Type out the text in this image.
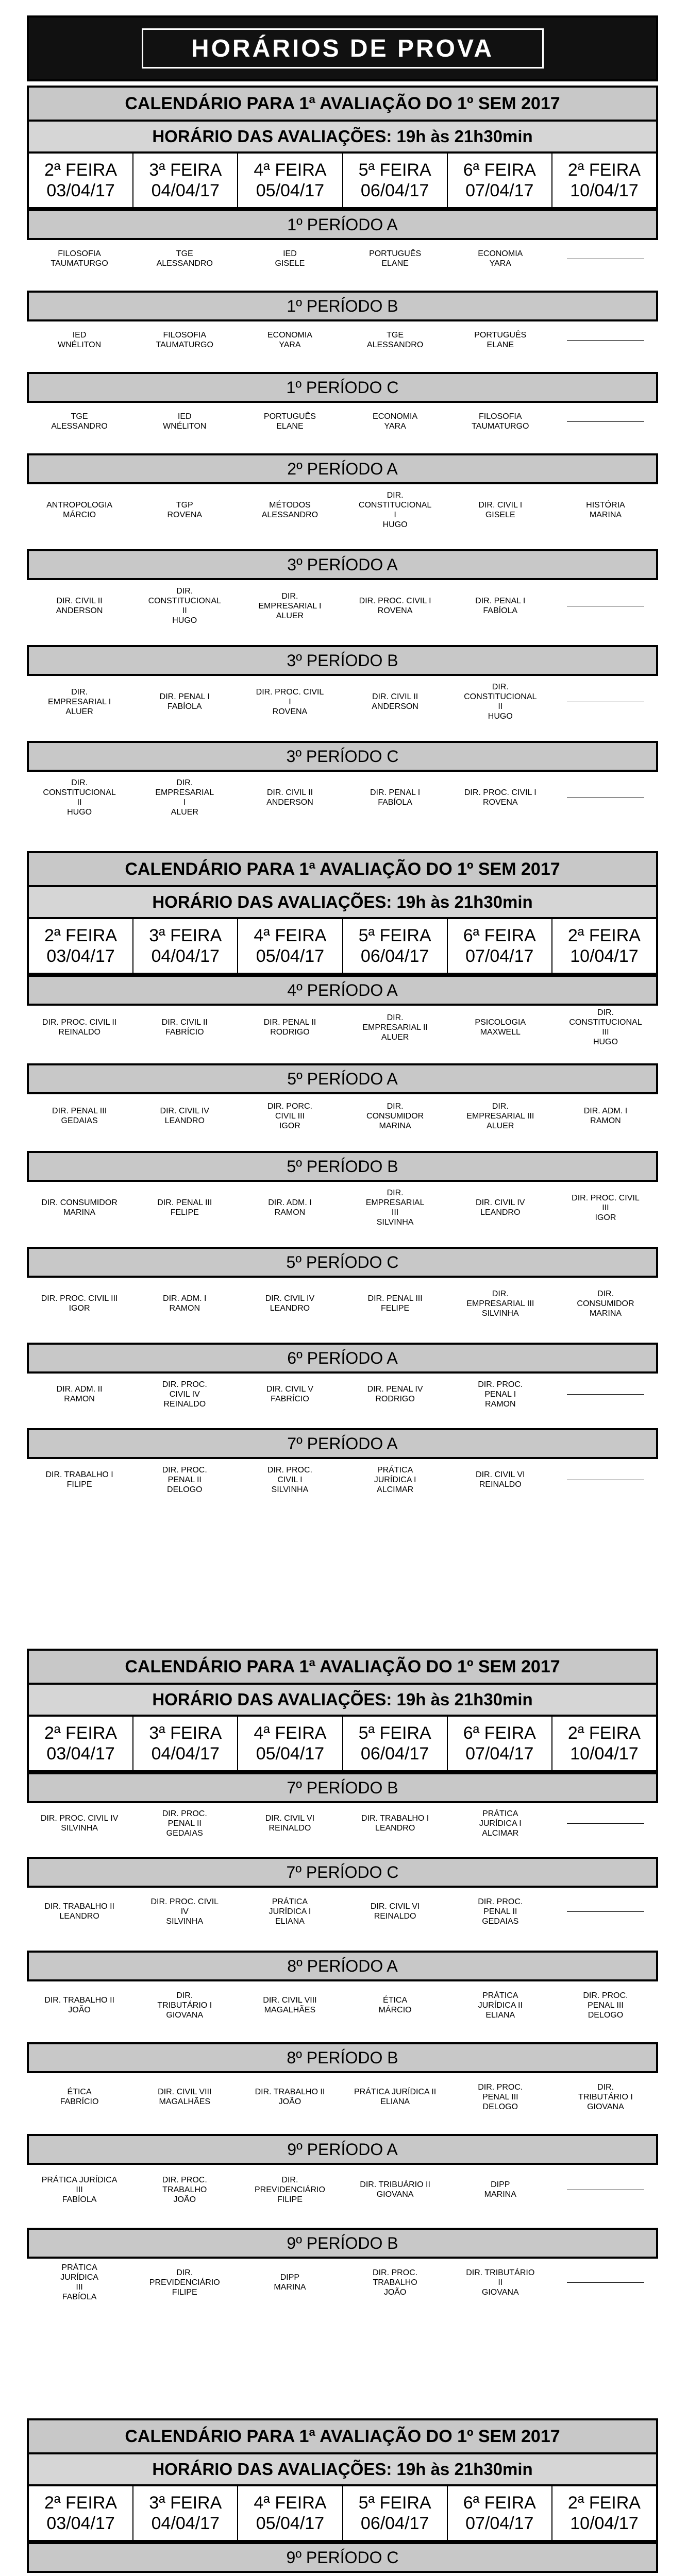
HORÁRIOS DE PROVA
CALENDÁRIO PARA 1ª AVALIAÇÃO DO 1º SEM 2017
HORÁRIO DAS AVALIAÇÕES: 19h às 21h30min
2ª FEIRA
03/04/17
3ª FEIRA
04/04/17
4ª FEIRA
05/04/17
5ª FEIRA
06/04/17
6ª FEIRA
07/04/17
2ª FEIRA
10/04/17
1º PERÍODO A
FILOSOFIA
TAUMATURGO
TGE
ALESSANDRO
IED
GISELE
PORTUGUÊS
ELANE
ECONOMIA
YARA
1º PERÍODO B
IED
WNÉLITON
FILOSOFIA
TAUMATURGO
ECONOMIA
YARA
TGE
ALESSANDRO
PORTUGUÊS
ELANE
1º PERÍODO C
TGE
ALESSANDRO
IED
WNÉLITON
PORTUGUÊS
ELANE
ECONOMIA
YARA
FILOSOFIA
TAUMATURGO
2º PERÍODO A
ANTROPOLOGIA
MÁRCIO
TGP
ROVENA
MÉTODOS
ALESSANDRO
DIR.
CONSTITUCIONAL
I
HUGO
DIR. CIVIL I
GISELE
HISTÓRIA
MARINA
3º PERÍODO A
DIR. CIVIL II
ANDERSON
DIR.
CONSTITUCIONAL
II
HUGO
DIR.
EMPRESARIAL I
ALUER
DIR. PROC. CIVIL I
ROVENA
DIR. PENAL I
FABÍOLA
3º PERÍODO B
DIR.
EMPRESARIAL I
ALUER
DIR. PENAL I
FABÍOLA
DIR. PROC. CIVIL
I
ROVENA
DIR. CIVIL II
ANDERSON
DIR.
CONSTITUCIONAL
II
HUGO
3º PERÍODO C
DIR.
CONSTITUCIONAL
II
HUGO
DIR.
EMPRESARIAL
I
ALUER
DIR. CIVIL II
ANDERSON
DIR. PENAL I
FABÍOLA
DIR. PROC. CIVIL I
ROVENA
CALENDÁRIO PARA 1ª AVALIAÇÃO DO 1º SEM 2017
HORÁRIO DAS AVALIAÇÕES: 19h às 21h30min
2ª FEIRA
03/04/17
3ª FEIRA
04/04/17
4ª FEIRA
05/04/17
5ª FEIRA
06/04/17
6ª FEIRA
07/04/17
2ª FEIRA
10/04/17
4º PERÍODO A
DIR. PROC. CIVIL II
REINALDO
DIR. CIVIL II
FABRÍCIO
DIR. PENAL II
RODRIGO
DIR.
EMPRESARIAL II
ALUER
PSICOLOGIA
MAXWELL
DIR.
CONSTITUCIONAL
III
HUGO
5º PERÍODO A
DIR. PENAL III
GEDAIAS
DIR. CIVIL IV
LEANDRO
DIR. PORC.
CIVIL III
IGOR
DIR.
CONSUMIDOR
MARINA
DIR.
EMPRESARIAL III
ALUER
DIR. ADM. I
RAMON
5º PERÍODO B
DIR. CONSUMIDOR
MARINA
DIR. PENAL III
FELIPE
DIR. ADM. I
RAMON
DIR.
EMPRESARIAL
III
SILVINHA
DIR. CIVIL IV
LEANDRO
DIR. PROC. CIVIL
III
IGOR
5º PERÍODO C
DIR. PROC. CIVIL III
IGOR
DIR. ADM. I
RAMON
DIR. CIVIL IV
LEANDRO
DIR. PENAL III
FELIPE
DIR.
EMPRESARIAL III
SILVINHA
DIR.
CONSUMIDOR
MARINA
6º PERÍODO A
DIR. ADM. II
RAMON
DIR. PROC.
CIVIL IV
REINALDO
DIR. CIVIL V
FABRÍCIO
DIR. PENAL IV
RODRIGO
DIR. PROC.
PENAL I
RAMON
7º PERÍODO A
DIR. TRABALHO I
FILIPE
DIR. PROC.
PENAL II
DELOGO
DIR. PROC.
CIVIL I
SILVINHA
PRÁTICA
JURÍDICA I
ALCIMAR
DIR. CIVIL VI
REINALDO
CALENDÁRIO PARA 1ª AVALIAÇÃO DO 1º SEM 2017
HORÁRIO DAS AVALIAÇÕES: 19h às 21h30min
2ª FEIRA
03/04/17
3ª FEIRA
04/04/17
4ª FEIRA
05/04/17
5ª FEIRA
06/04/17
6ª FEIRA
07/04/17
2ª FEIRA
10/04/17
7º PERÍODO B
DIR. PROC. CIVIL IV
SILVINHA
DIR. PROC.
PENAL II
GEDAIAS
DIR. CIVIL VI
REINALDO
DIR. TRABALHO I
LEANDRO
PRÁTICA
JURÍDICA I
ALCIMAR
7º PERÍODO C
DIR. TRABALHO II
LEANDRO
DIR. PROC. CIVIL
IV
SILVINHA
PRÁTICA
JURÍDICA I
ELIANA
DIR. CIVIL VI
REINALDO
DIR. PROC.
PENAL II
GEDAIAS
8º PERÍODO A
DIR. TRABALHO II
JOÃO
DIR.
TRIBUTÁRIO I
GIOVANA
DIR. CIVIL VIII
MAGALHÃES
ÉTICA
MÁRCIO
PRÁTICA
JURÍDICA II
ELIANA
DIR. PROC.
PENAL III
DELOGO
8º PERÍODO B
ÉTICA
FABRÍCIO
DIR. CIVIL VIII
MAGALHÃES
DIR. TRABALHO II
JOÃO
PRÁTICA JURÍDICA II
ELIANA
DIR. PROC.
PENAL III
DELOGO
DIR.
TRIBUTÁRIO I
GIOVANA
9º PERÍODO A
PRÁTICA JURÍDICA
III
FABÍOLA
DIR. PROC.
TRABALHO
JOÃO
DIR.
PREVIDENCIÁRIO
FILIPE
DIR. TRIBUÁRIO II
GIOVANA
DIPP
MARINA
9º PERÍODO B
PRÁTICA
JURÍDICA
III
FABÍOLA
DIR.
PREVIDENCIÁRIO
FILIPE
DIPP
MARINA
DIR. PROC.
TRABALHO
JOÃO
DIR. TRIBUTÁRIO
II
GIOVANA
CALENDÁRIO PARA 1ª AVALIAÇÃO DO 1º SEM 2017
HORÁRIO DAS AVALIAÇÕES: 19h às 21h30min
2ª FEIRA
03/04/17
3ª FEIRA
04/04/17
4ª FEIRA
05/04/17
5ª FEIRA
06/04/17
6ª FEIRA
07/04/17
2ª FEIRA
10/04/17
9º PERÍODO C
